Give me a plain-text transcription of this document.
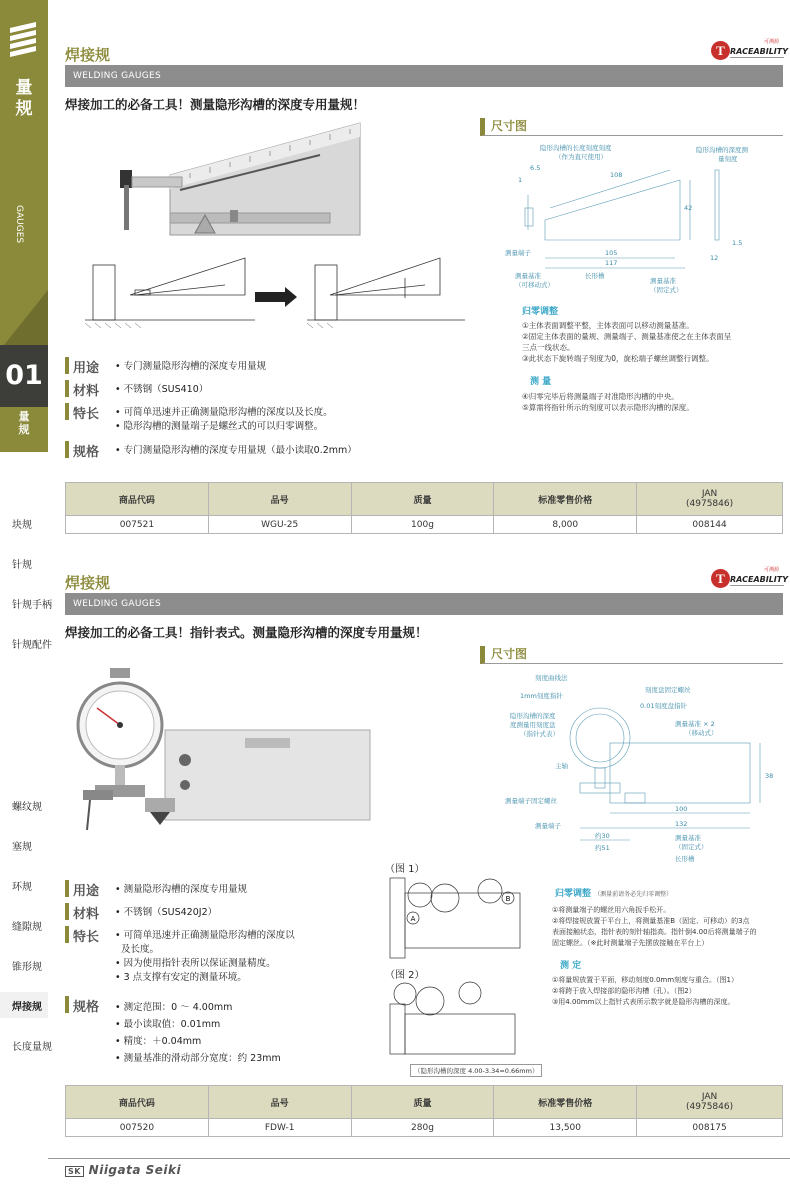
量
规
GAUGES
01
量
规
块规
针规
针规手柄
针规配件
螺纹规
塞规
环规
缝隙规
锥形规
焊接规
长度量规
焊接规	T RACEABILITY
可溯源
WELDING GAUGES
焊接加工的必备工具！测量隐形沟槽的深度专用量规！
尺寸图
隐形沟槽的长度刻度刻度
（作为直尺使用）
隐形沟槽的深度测
量刻度
6.5
1
108
42
105
117
1.5
12
测量端子
测量基准
（可移动式）
长形槽
测量基准
（固定式）
归零调整
①主体表面调整平整，主体表面可以移动测量基准。
②固定主体表面的量规、测量端子、测量基准使之在主体表面呈
三点一线状态。
③此状态下旋转端子刻度为0，旋松端子螺丝调整行调整。
测 量
④归零完毕后将测量端子对准隐形沟槽的中央。
⑤算需将指针所示的刻度可以表示隐形沟槽的深度。
用途 • 专门测量隐形沟槽的深度专用量规
材料 • 不锈钢（SUS410）
特长 • 可简单迅速并正确测量隐形沟槽的深度以及长度。
• 隐形沟槽的测量端子是螺丝式的可以归零调整。
规格 • 专门测量隐形沟槽的深度专用量规（最小读取0.2mm）
商品代码	品号	质量	标准零售价格	JAN
(4975846)

007521	WGU-25	100g	8,000	008144
焊接规	T RACEABILITY
可溯源
WELDING GAUGES
焊接加工的必备工具！指针表式。测量隐形沟槽的深度专用量规！
尺寸图
刻度曲线法
1mm刻度指针
隐形沟槽的深度
度测量用刻度盘
（指针式表）
主轴
测量端子固定螺丝
测量端子
刻度盘固定螺丝
0.01刻度盘指针
测量基准 × 2
（移动式）
38
100
132
约30
约51
测量基准
（固定式）
长形槽
用途 • 测量隐形沟槽的深度专用量规
材料 • 不锈钢（SUS420J2）
特长 • 可简单迅速并正确测量隐形沟槽的深度以
及长度。
• 因为使用指针表所以保证测量精度。
• 3 点支撑有安定的测量环境。
规格 • 测定范围：0 ～ 4.00mm
• 最小读取值：0.01mm
• 精度：＋0.04mm
• 测量基准的滑动部分宽度：约 23mm
（图 1）
B
A
（图 2）
（隐形沟槽的深度 4.00-3.34=0.66mm）
归零调整 （测量前请务必先归零调整）
①将测量端子的螺丝用六角扳手松开。
②将焊接规放置于平台上，将测量基准B（固定、可移动）的3点
表面接触状态，指针表的刻针轴指高。指针倒4.00后将测量端子的
固定螺丝。（※此时测量端子先摆放接触在平台上）
测 定
①将量规放置于平面，移动刻度0.0mm刻度与重合。（图1）
②将跨于放入焊接部的隐形沟槽（孔）。（图2）
③用4.00mm以上指针式表所示数字就是隐形沟槽的深度。
商品代码	品号	质量	标准零售价格	JAN
(4975846)

007520	FDW-1	280g	13,500	008175
SK Niigata Seiki
